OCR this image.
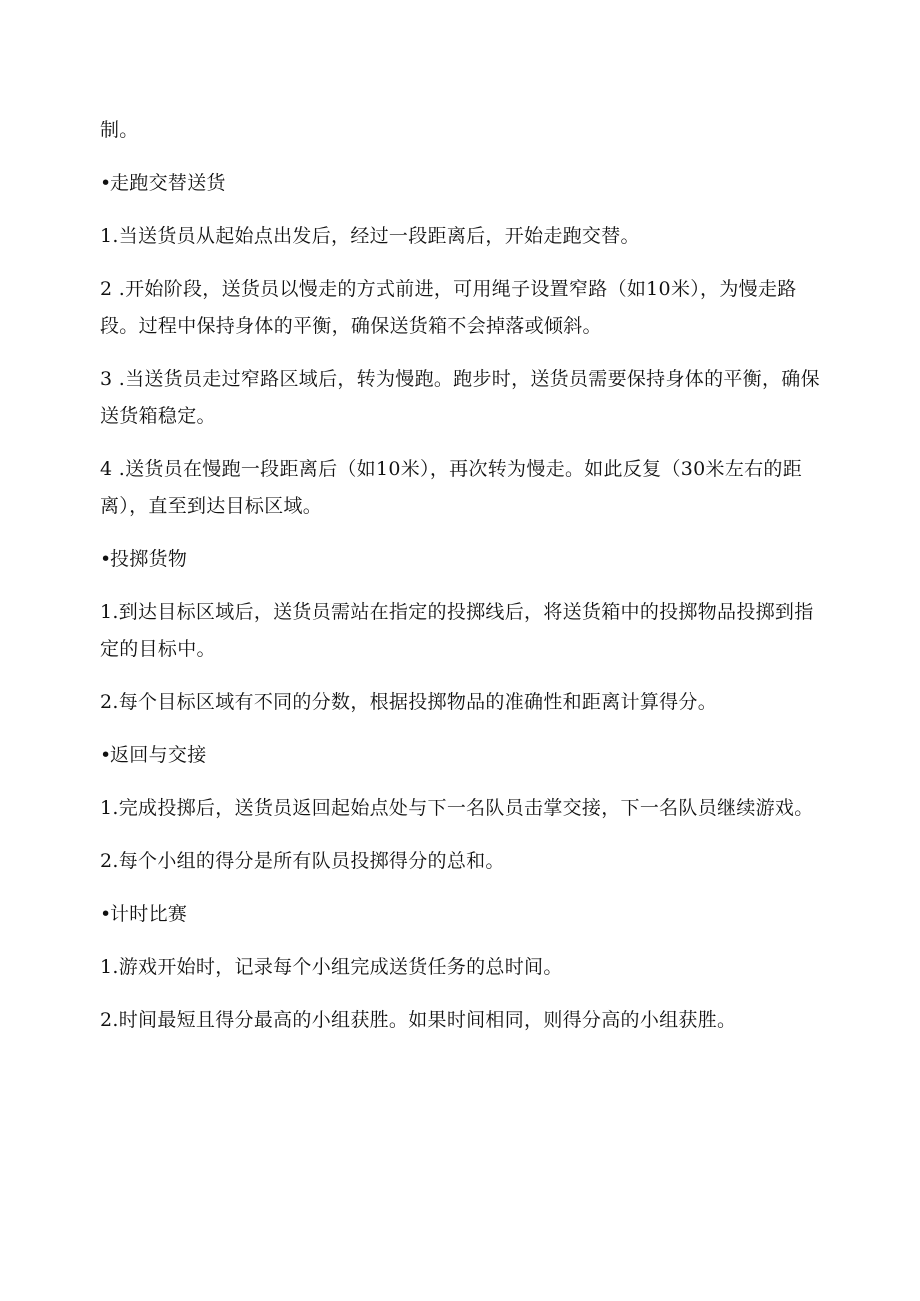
制。

•走跑交替送货

1.当送货员从起始点出发后，经过一段距离后，开始走跑交替。

2 .开始阶段，送货员以慢走的方式前进，可用绳子设置窄路（如10米），为慢走路段。过程中保持身体的平衡，确保送货箱不会掉落或倾斜。

3 .当送货员走过窄路区域后，转为慢跑。跑步时，送货员需要保持身体的平衡，确保送货箱稳定。

4 .送货员在慢跑一段距离后（如10米），再次转为慢走。如此反复（30米左右的距离），直至到达目标区域。

•投掷货物

1.到达目标区域后，送货员需站在指定的投掷线后，将送货箱中的投掷物品投掷到指定的目标中。

2.每个目标区域有不同的分数，根据投掷物品的准确性和距离计算得分。

•返回与交接

1.完成投掷后，送货员返回起始点处与下一名队员击掌交接，下一名队员继续游戏。

2.每个小组的得分是所有队员投掷得分的总和。

•计时比赛

1.游戏开始时，记录每个小组完成送货任务的总时间。

2.时间最短且得分最高的小组获胜。如果时间相同，则得分高的小组获胜。
